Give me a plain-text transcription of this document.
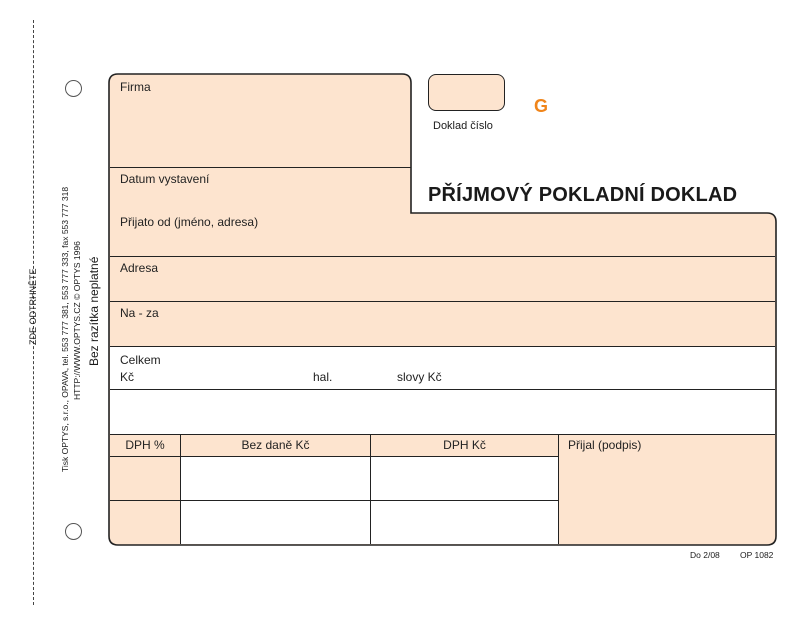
ZDE ODTRHNĚTE	Tisk OPTYS, s.r.o., OPAVA, tel. 553 777 381, 553 777 333, fax 553 777 318 HTTP://WWW.OPTYS.CZ © OPTYS 1996 Bez razítka neplatné
Firma
Datum vystavení
Přijato od (jméno, adresa)
Adresa
Na - za
Celkem
Kč	hal.	slovy Kč
DPH %	Bez daně Kč	DPH Kč	Přijal (podpis)
Doklad číslo
G
PŘÍJMOVÝ POKLADNÍ DOKLAD
Do 2/08 OP 1082
